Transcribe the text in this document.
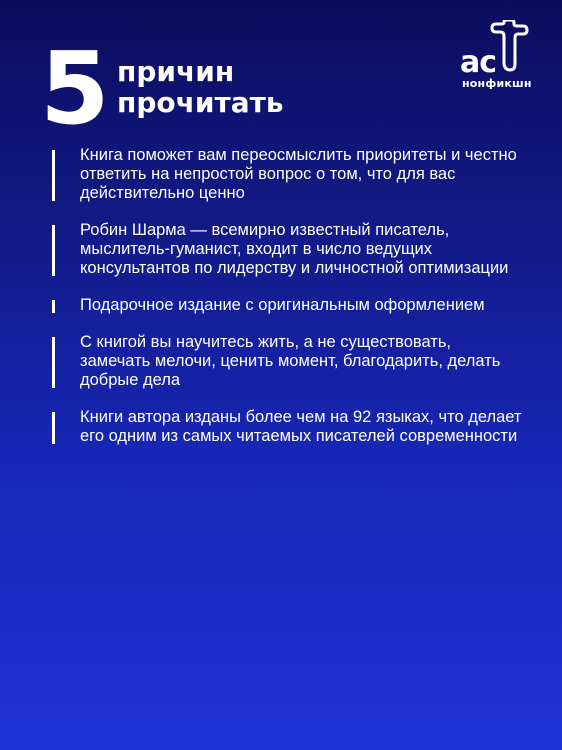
5 причин
прочитать
ас
нонфикшн
Книга поможет вам переосмыслить приоритеты и честно ответить на непростой вопрос о том, что для вас действительно ценно
Робин Шарма — всемирно известный писатель, мыслитель-гуманист, входит в число ведущих консультантов по лидерству и личностной оптимизации
Подарочное издание с оригинальным оформлением
С книгой вы научитесь жить, а не существовать, замечать мелочи, ценить момент, благодарить, делать добрые дела
Книги автора изданы более чем на 92 языках, что делает его одним из самых читаемых писателей современности
